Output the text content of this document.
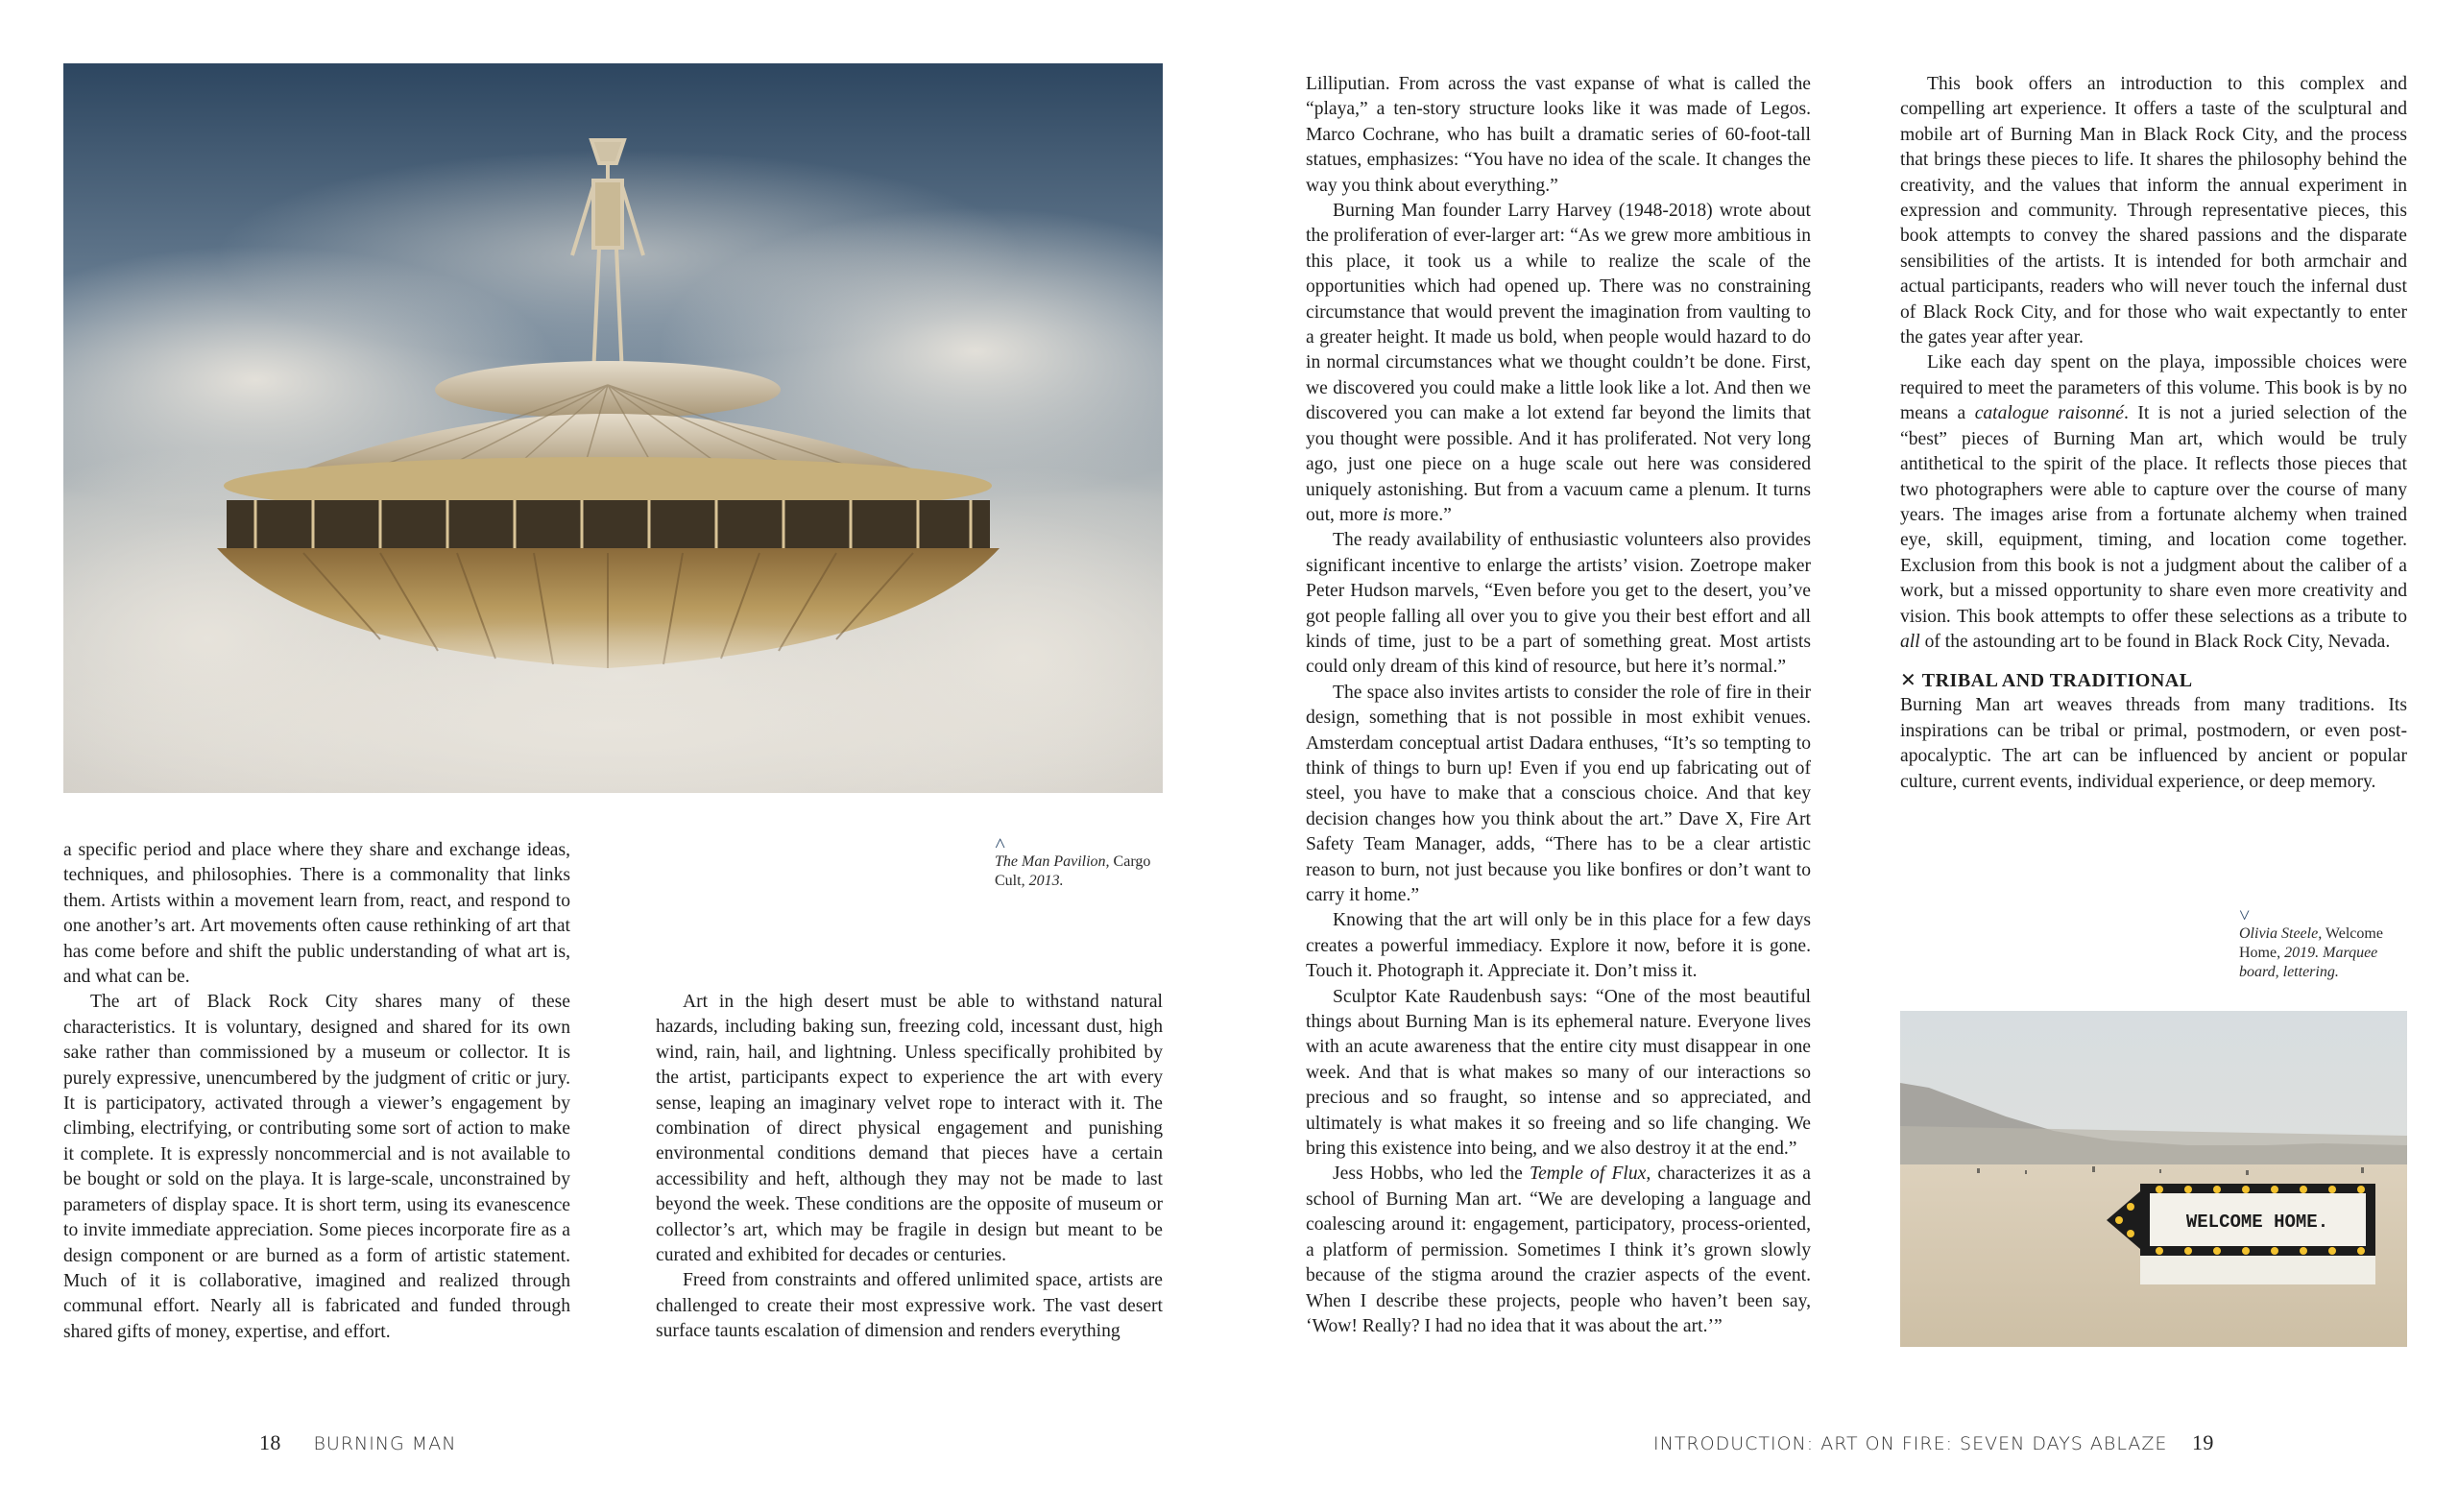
˄
The Man Pavilion, Cargo Cult, 2013.

a specific period and place where they share and exchange ideas, techniques, and philosophies. There is a commonality that links them. Artists within a movement learn from, react, and respond to one another’s art. Art movements often cause rethinking of art that has come before and shift the public understanding of what art is, and what can be.

The art of Black Rock City shares many of these characteristics. It is voluntary, designed and shared for its own sake rather than commissioned by a museum or collector. It is purely expressive, unencumbered by the judgment of critic or jury. It is participatory, activated through a viewer’s engagement by climbing, electrifying, or contributing some sort of action to make it complete. It is expressly noncommercial and is not available to be bought or sold on the playa. It is large-scale, unconstrained by parameters of display space. It is short term, using its evanescence to invite immediate appreciation. Some pieces incorporate fire as a design component or are burned as a form of artistic statement. Much of it is collaborative, imagined and realized through communal effort. Nearly all is fabricated and funded through shared gifts of money, expertise, and effort.

Art in the high desert must be able to withstand natural hazards, including baking sun, freezing cold, incessant dust, high wind, rain, hail, and lightning. Unless specifically prohibited by the artist, participants expect to experience the art with every sense, leaping an imaginary velvet rope to interact with it. The combination of direct physical engagement and punishing environmental conditions demand that pieces have a certain accessibility and heft, although they may not be made to last beyond the week. These conditions are the opposite of museum or collector’s art, which may be fragile in design but meant to be curated and exhibited for decades or centuries.

Freed from constraints and offered unlimited space, artists are challenged to create their most expressive work. The vast desert surface taunts escalation of dimension and renders everything

18 BURNING MAN

Lilliputian. From across the vast expanse of what is called the “playa,” a ten-story structure looks like it was made of Legos. Marco Cochrane, who has built a dramatic series of 60-foot-tall statues, emphasizes: “You have no idea of the scale. It changes the way you think about everything.”

Burning Man founder Larry Harvey (1948-2018) wrote about the proliferation of ever-larger art: “As we grew more ambitious in this place, it took us a while to realize the scale of the opportunities which had opened up. There was no constraining circumstance that would prevent the imagination from vaulting to a greater height. It made us bold, when people would hazard to do in normal circumstances what we thought couldn’t be done. First, we discovered you could make a little look like a lot. And then we discovered you can make a lot extend far beyond the limits that you thought were possible. And it has proliferated. Not very long ago, just one piece on a huge scale out here was considered uniquely astonishing. But from a vacuum came a plenum. It turns out, more is more.”

The ready availability of enthusiastic volunteers also provides significant incentive to enlarge the artists’ vision. Zoetrope maker Peter Hudson marvels, “Even before you get to the desert, you’ve got people falling all over you to give you their best effort and all kinds of time, just to be a part of something great. Most artists could only dream of this kind of resource, but here it’s normal.”

The space also invites artists to consider the role of fire in their design, something that is not possible in most exhibit venues. Amsterdam conceptual artist Dadara enthuses, “It’s so tempting to think of things to burn up! Even if you end up fabricating out of steel, you have to make that a conscious choice. And that key decision changes how you think about the art.” Dave X, Fire Art Safety Team Manager, adds, “There has to be a clear artistic reason to burn, not just because you like bonfires or don’t want to carry it home.”

Knowing that the art will only be in this place for a few days creates a powerful immediacy. Explore it now, before it is gone. Touch it. Photograph it. Appreciate it. Don’t miss it.

Sculptor Kate Raudenbush says: “One of the most beautiful things about Burning Man is its ephemeral nature. Everyone lives with an acute awareness that the entire city must disappear in one week. And that is what makes so many of our interactions so precious and so fraught, so intense and so appreciated, and ultimately is what makes it so freeing and so life changing. We bring this existence into being, and we also destroy it at the end.”

Jess Hobbs, who led the Temple of Flux, characterizes it as a school of Burning Man art. “We are developing a language and coalescing around it: engagement, participatory, process-oriented, a platform of permission. Sometimes I think it’s grown slowly because of the stigma around the crazier aspects of the event. When I describe these projects, people who haven’t been say, ‘Wow! Really? I had no idea that it was about the art.’”

This book offers an introduction to this complex and compelling art experience. It offers a taste of the sculptural and mobile art of Burning Man in Black Rock City, and the process that brings these pieces to life. It shares the philosophy behind the creativity, and the values that inform the annual experiment in expression and community. Through representative pieces, this book attempts to convey the shared passions and the disparate sensibilities of the artists. It is intended for both armchair and actual participants, readers who will never touch the infernal dust of Black Rock City, and for those who wait expectantly to enter the gates year after year.

Like each day spent on the playa, impossible choices were required to meet the parameters of this volume. This book is by no means a catalogue raisonné. It is not a juried selection of the “best” pieces of Burning Man art, which would be truly antithetical to the spirit of the place. It reflects those pieces that two photographers were able to capture over the course of many years. The images arise from a fortunate alchemy when trained eye, skill, equipment, timing, and location come together. Exclusion from this book is not a judgment about the caliber of a work, but a missed opportunity to share even more creativity and vision. This book attempts to offer these selections as a tribute to all of the astounding art to be found in Black Rock City, Nevada.

✕ TRIBAL AND TRADITIONAL

Burning Man art weaves threads from many traditions. Its inspirations can be tribal or primal, postmodern, or even post-apocalyptic. The art can be influenced by ancient or popular culture, current events, individual experience, or deep memory.

˅
Olivia Steele, Welcome Home, 2019. Marquee board, lettering.
WELCOME HOME.
INTRODUCTION: ART ON FIRE: SEVEN DAYS ABLAZE 19
